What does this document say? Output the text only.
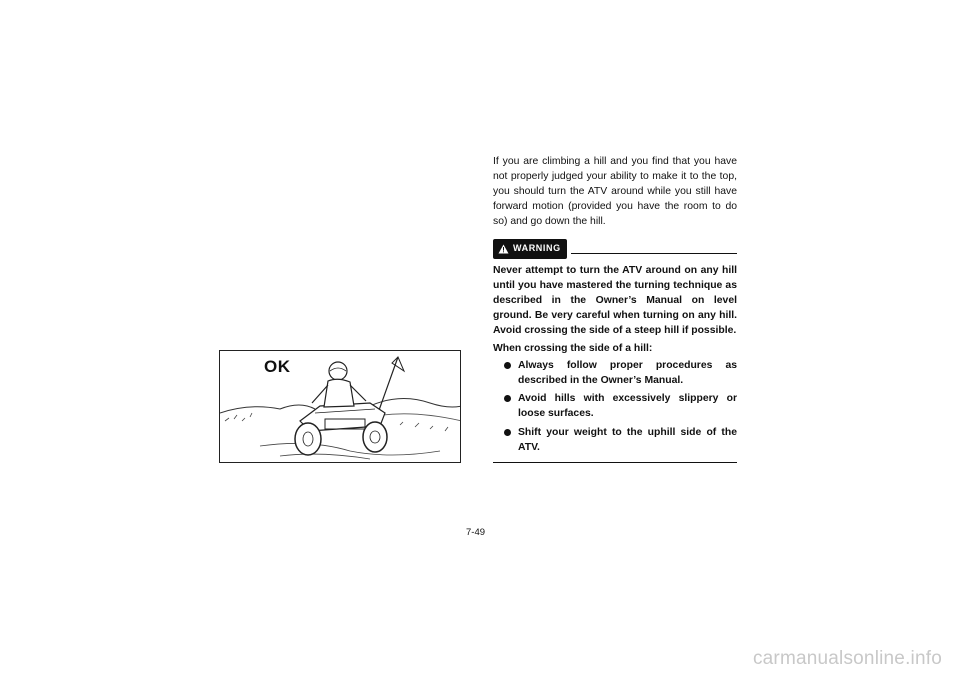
OK

If you are climbing a hill and you find that you have not properly judged your ability to make it to the top, you should turn the ATV around while you still have forward motion (provided you have the room to do so) and go down the hill.

WARNING

Never attempt to turn the ATV around on any hill until you have mastered the turning technique as described in the Owner’s Manual on level ground. Be very careful when turning on any hill. Avoid crossing the side of a steep hill if possible.

When crossing the side of a hill:

Always follow proper procedures as described in the Owner’s Manual.
Avoid hills with excessively slippery or loose surfaces.
Shift your weight to the uphill side of the ATV.
7-49
carmanualsonline.info
